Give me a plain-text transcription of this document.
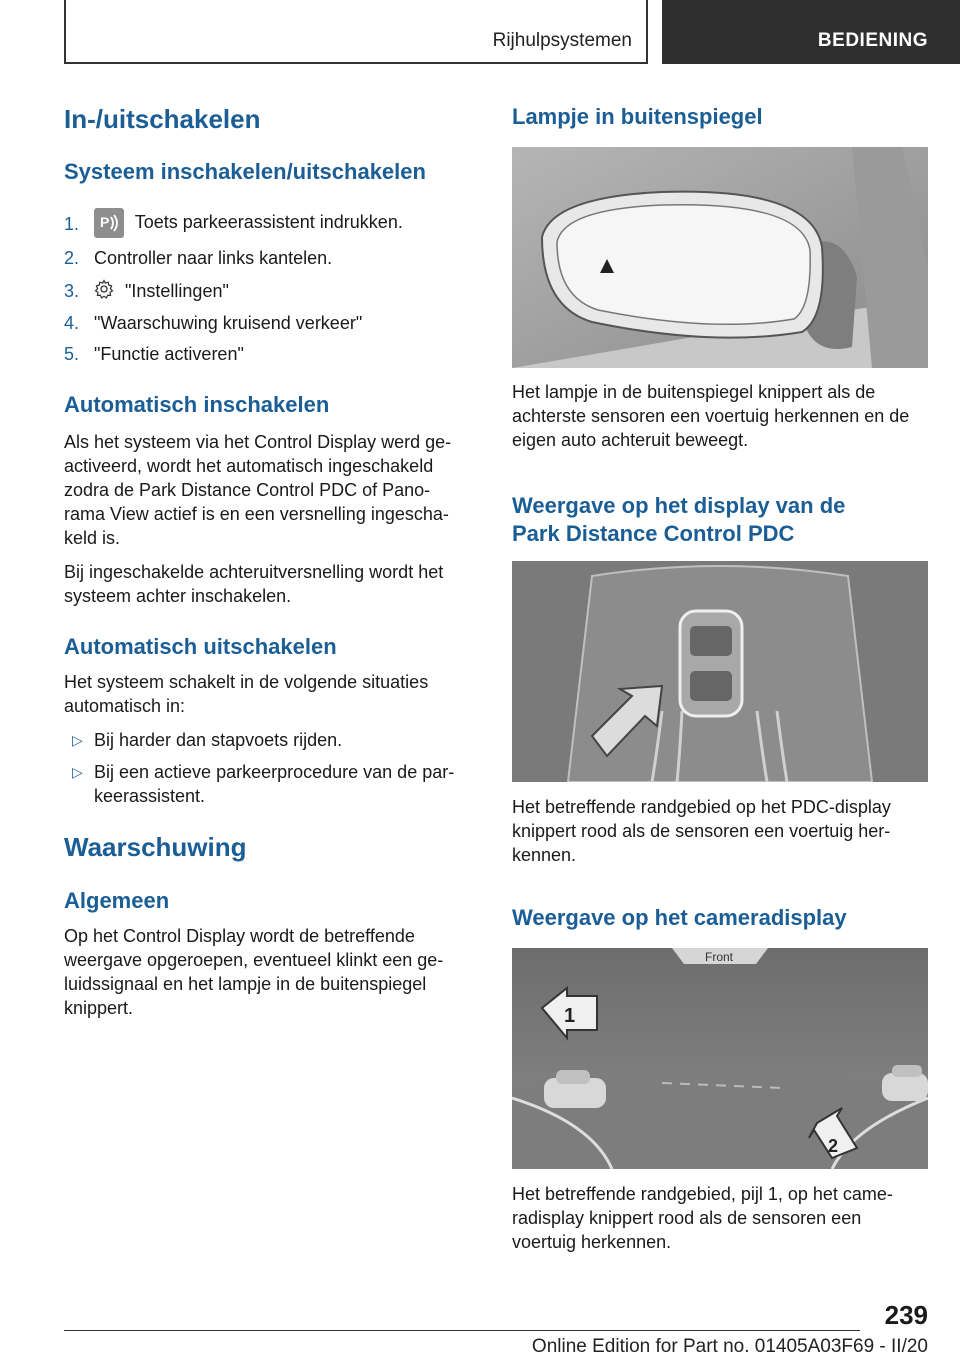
Rijhulpsystemen	BEDIENING
In-/uitschakelen
Systeem inschakelen/uitschakelen
1. P Toets parkeerassistent indrukken.
2. Controller naar links kantelen.
3.	"Instellingen"
4. "Waarschuwing kruisend verkeer"
5. "Functie activeren"
Automatisch inschakelen

Als het systeem via het Control Display werd ge‐ activeerd, wordt het automatisch ingeschakeld zodra de Park Distance Control PDC of Pano‐ rama View actief is en een versnelling ingescha‐ keld is.

Bij ingeschakelde achteruitversnelling wordt het systeem achter inschakelen.

Automatisch uitschakelen

Het systeem schakelt in de volgende situaties automatisch in:

▷ Bij harder dan stapvoets rijden.
▷ Bij een actieve parkeerprocedure van de par‐ keerassistent.
Waarschuwing
Algemeen

Op het Control Display wordt de betreffende weergave opgeroepen, eventueel klinkt een ge‐ luidssignaal en het lampje in de buitenspiegel knippert.

Lampje in buitenspiegel

Het lampje in de buitenspiegel knippert als de achterste sensoren een voertuig herkennen en de eigen auto achteruit beweegt.

Weergave op het display van de
Park Distance Control PDC

Het betreffende randgebied op het PDC-display knippert rood als de sensoren een voertuig her‐ kennen.

Weergave op het cameradisplay
Front
1
2

Het betreffende randgebied, pijl 1, op het came‐ radisplay knippert rood als de sensoren een voertuig herkennen.

239
Online Edition for Part no. 01405A03F69 - II/20
